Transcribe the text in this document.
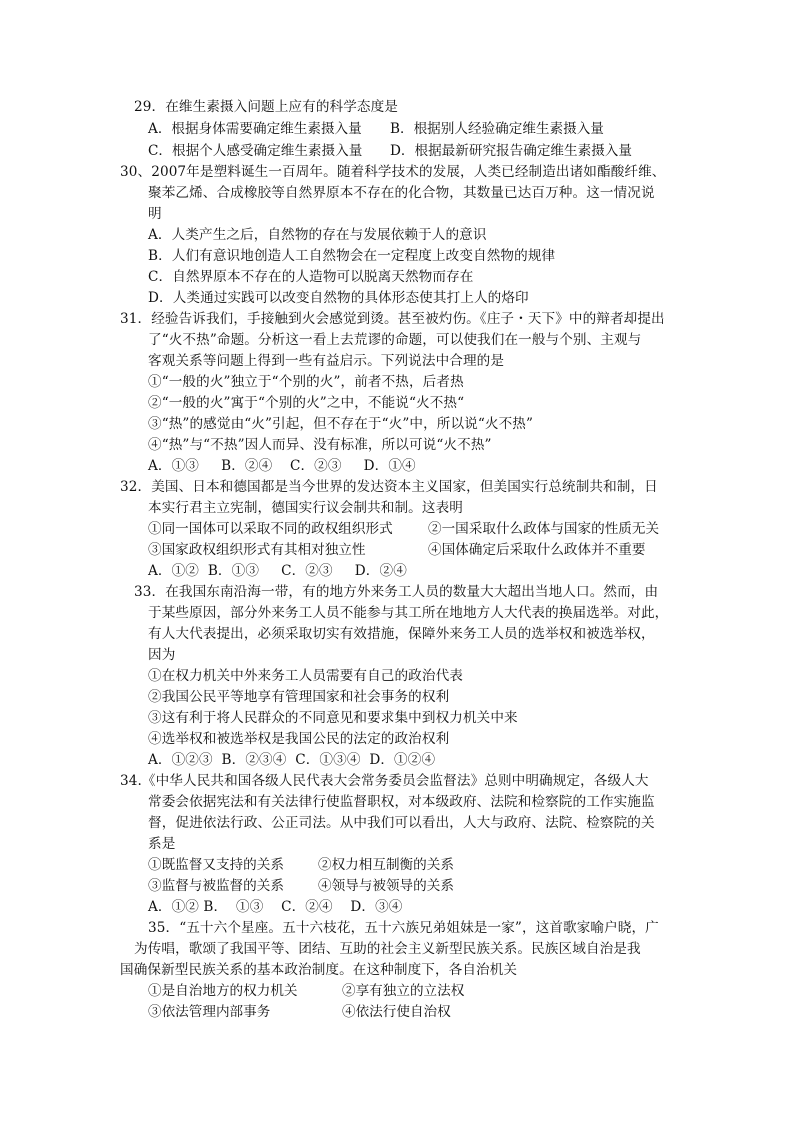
29．在维生素摄入问题上应有的科学态度是
A．根据身体需要确定维生素摄入量 B．根据别人经验确定维生素摄入量
C．根据个人感受确定维生素摄入量 D．根据最新研究报告确定维生素摄入量
30、2007年是塑料诞生一百周年。随着科学技术的发展，人类已经制造出诸如酯酸纤维、
聚苯乙烯、合成橡胶等自然界原本不存在的化合物，其数量已达百万种。这一情况说
明
A．人类产生之后，自然物的存在与发展依赖于人的意识
B．人们有意识地创造人工自然物会在一定程度上改变自然物的规律
C．自然界原本不存在的人造物可以脱离天然物而存在
D．人类通过实践可以改变自然物的具体形态使其打上人的烙印
31．经验告诉我们，手接触到火会感觉到烫。甚至被灼伤。《庄子・天下》中的辩者却提出
了“火不热”命题。分析这一看上去荒谬的命题，可以使我们在一般与个别、主观与
客观关系等问题上得到一些有益启示。下列说法中合理的是
①“一般的火”独立于“个别的火”，前者不热，后者热
②“一般的火”寓于“个别的火”之中，不能说“火不热“
③“热”的感觉由“火”引起，但不存在于“火”中，所以说“火不热”
④“热”与“不热”因人而异、没有标准，所以可说“火不热”
A．①③     B．②④    C．②③     D．①④
32．美国、日本和德国都是当今世界的发达资本主义国家，但美国实行总统制共和制，日
本实行君主立宪制，德国实行议会制共和制。这表明
①同一国体可以采取不同的政权组织形式	②一国采取什么政体与国家的性质无关
③国家政权组织形式有其相对独立性	④国体确定后采取什么政体并不重要
A．①②  B．①③     C．②③     D．②④
33．在我国东南沿海一带，有的地方外来务工人员的数量大大超出当地人口。然而，由
于某些原因，部分外来务工人员不能参与其工所在地地方人大代表的换届选举。对此，
有人大代表提出，必须采取切实有效措施，保障外来务工人员的选举权和被选举权，
因为
①在权力机关中外来务工人员需要有自己的政治代表
②我国公民平等地享有管理国家和社会事务的权利
③这有利于将人民群众的不同意见和要求集中到权力机关中来
④选举权和被选举权是我国公民的法定的政治权利
A．①②③  B．②③④  C．①③④  D．①②④
34.《中华人民共和国各级人民代表大会常务委员会监督法》总则中明确规定，各级人大
常委会依据宪法和有关法律行使监督职权，对本级政府、法院和检察院的工作实施监
督，促进依法行政、公正司法。从中我们可以看出，人大与政府、法院、检察院的关
系是
①既监督又支持的关系	②权力相互制衡的关系
③监督与被监督的关系	④领导与被领导的关系
A．①② B．  ①③    C．②④    D．③④
35．“五十六个星座。五十六枝花，五十六族兄弟姐妹是一家”，这首歌家喻户晓，广
为传唱，歌颂了我国平等、团结、互助的社会主义新型民族关系。民族区域自治是我
国确保新型民族关系的基本政治制度。在这种制度下，各自治机关
①是自治地方的权力机关	②享有独立的立法权
③依法管理内部事务	④依法行使自治权
